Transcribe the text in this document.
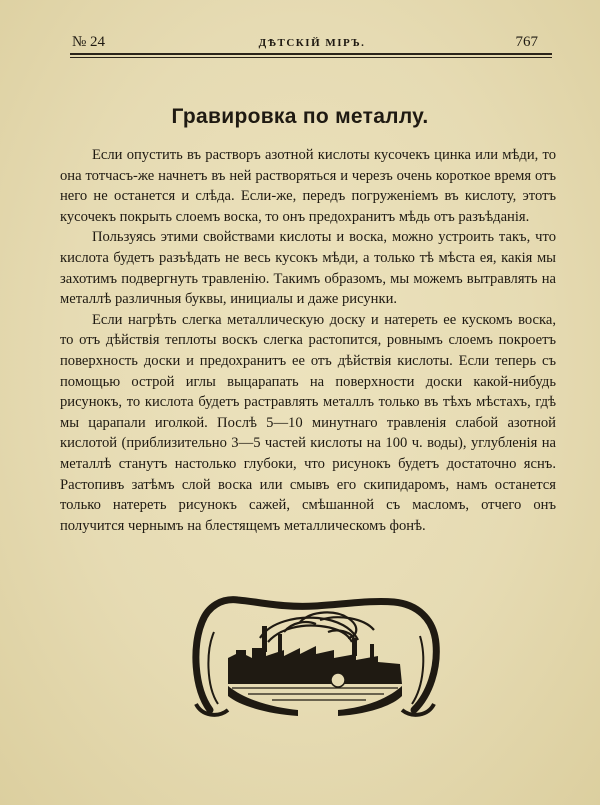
№ 24	ДѢТСКІЙ МІРЪ.	767
Гравировка по металлу.

Если опустить въ растворъ азотной кислоты кусочекъ цинка или мѣди, то она тотчасъ-же начнетъ въ ней растворяться и черезъ очень короткое время отъ него не останется и слѣда. Если-же, передъ погруженіемъ въ кислоту, этотъ кусочекъ покрыть слоемъ воска, то онъ предохранитъ мѣдь отъ разъѣданія.

Пользуясь этими свойствами кислоты и воска, можно устроить такъ, что кислота будетъ разъѣдать не весь кусокъ мѣди, а только тѣ мѣста ея, какія мы захотимъ подвергнуть травленію. Такимъ образомъ, мы можемъ вытравлять на металлѣ различныя буквы, инициалы и даже рисунки.

Если нагрѣть слегка металлическую доску и натереть ее кускомъ воска, то отъ дѣйствія теплоты воскъ слегка растопится, ровнымъ слоемъ покроетъ поверхность доски и предохранитъ ее отъ дѣйствія кислоты. Если теперь съ помощью острой иглы выцарапать на поверхности доски какой-нибудь рисунокъ, то кислота будетъ растравлять металлъ только въ тѣхъ мѣстахъ, гдѣ мы царапали иголкой. Послѣ 5—10 минутнаго травленія слабой азотной кислотой (приблизительно 3—5 частей кислоты на 100 ч. воды), углубленія на металлѣ станутъ настолько глубоки, что рисунокъ будетъ достаточно яснъ. Растопивъ затѣмъ слой воска или смывъ его скипидаромъ, намъ останется только натереть рисунокъ сажей, смѣшанной съ масломъ, отчего онъ получится чернымъ на блестящемъ металлическомъ фонѣ.
